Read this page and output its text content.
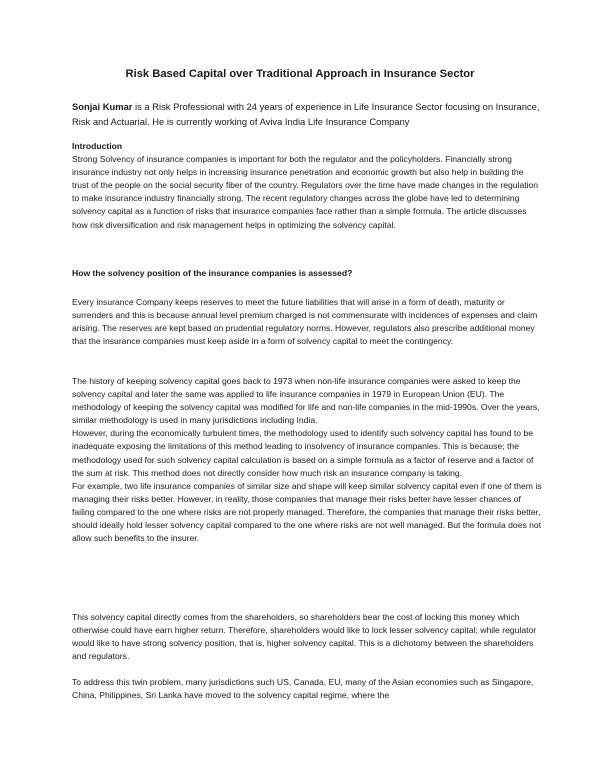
Risk Based Capital over Traditional Approach in Insurance Sector
Sonjai Kumar is a Risk Professional with 24 years of experience in Life Insurance Sector focusing on Insurance, Risk and Actuarial. He is currently working of Aviva India Life Insurance Company

Introduction

Strong Solvency of insurance companies is important for both the regulator and the policyholders. Financially strong insurance industry not only helps in increasing insurance penetration and economic growth but also help in building the trust of the people on the social security fiber of the country. Regulators over the time have made changes in the regulation to make insurance industry financially strong. The recent regulatory changes across the globe have led to determining solvency capital as a function of risks that insurance companies face rather than a simple formula. The article discusses how risk diversification and risk management helps in optimizing the solvency capital.

How the solvency position of the insurance companies is assessed?

Every insurance Company keeps reserves to meet the future liabilities that will arise in a form of death, maturity or surrenders and this is because annual level premium charged is not commensurate with incidences of expenses and claim arising. The reserves are kept based on prudential regulatory norms. However, regulators also prescribe additional money that the insurance companies must keep aside in a form of solvency capital to meet the contingency.

The history of keeping solvency capital goes back to 1973 when non-life insurance companies were asked to keep the solvency capital and later the same was applied to life insurance companies in 1979 in European Union (EU). The methodology of keeping the solvency capital was modified for life and non-life companies in the mid-1990s. Over the years, similar methodology is used in many jurisdictions including India.

However, during the economically turbulent times, the methodology used to identify such solvency capital has found to be inadequate exposing the limitations of this method leading to insolvency of insurance companies. This is because; the methodology used for such solvency capital calculation is based on a simple formula as a factor of reserve and a factor of the sum at risk. This method does not directly consider how much risk an insurance company is taking.

For example, two life insurance companies of similar size and shape will keep similar solvency capital even if one of them is managing their risks better. However, in reality, those companies that manage their risks better have lesser chances of failing compared to the one where risks are not properly managed. Therefore, the companies that manage their risks better, should ideally hold lesser solvency capital compared to the one where risks are not well managed. But the formula does not allow such benefits to the insurer.

This solvency capital directly comes from the shareholders, so shareholders bear the cost of locking this money which otherwise could have earn higher return. Therefore, shareholders would like to lock lesser solvency capital; while regulator would like to have strong solvency position, that is, higher solvency capital. This is a dichotomy between the shareholders and regulators.

To address this twin problem, many jurisdictions such US, Canada, EU, many of the Asian economies such as Singapore, China, Philippines, Sri Lanka have moved to the solvency capital regime, where the
